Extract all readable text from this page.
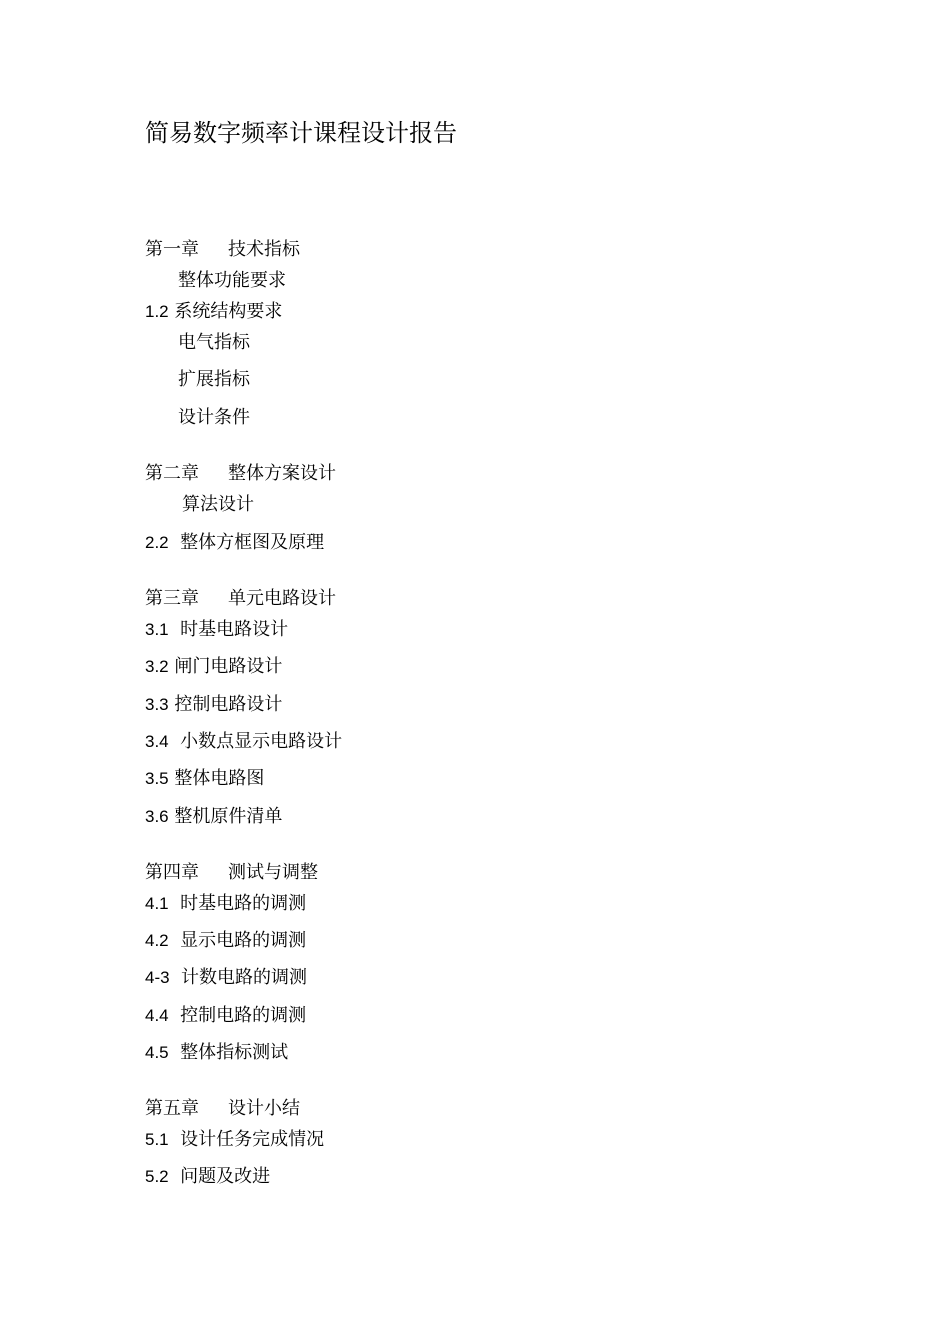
简易数字频率计课程设计报告
第一章 技术指标
整体功能要求
1.2 系统结构要求
电气指标
扩展指标
设计条件
第二章 整体方案设计
算法设计
2.2 整体方框图及原理
第三章 单元电路设计
3.1 时基电路设计
3.2 闸门电路设计
3.3 控制电路设计
3.4 小数点显示电路设计
3.5 整体电路图
3.6 整机原件清单
第四章 测试与调整
4.1 时基电路的调测
4.2 显示电路的调测
4-3 计数电路的调测
4.4 控制电路的调测
4.5 整体指标测试
第五章 设计小结
5.1 设计任务完成情况
5.2 问题及改进
